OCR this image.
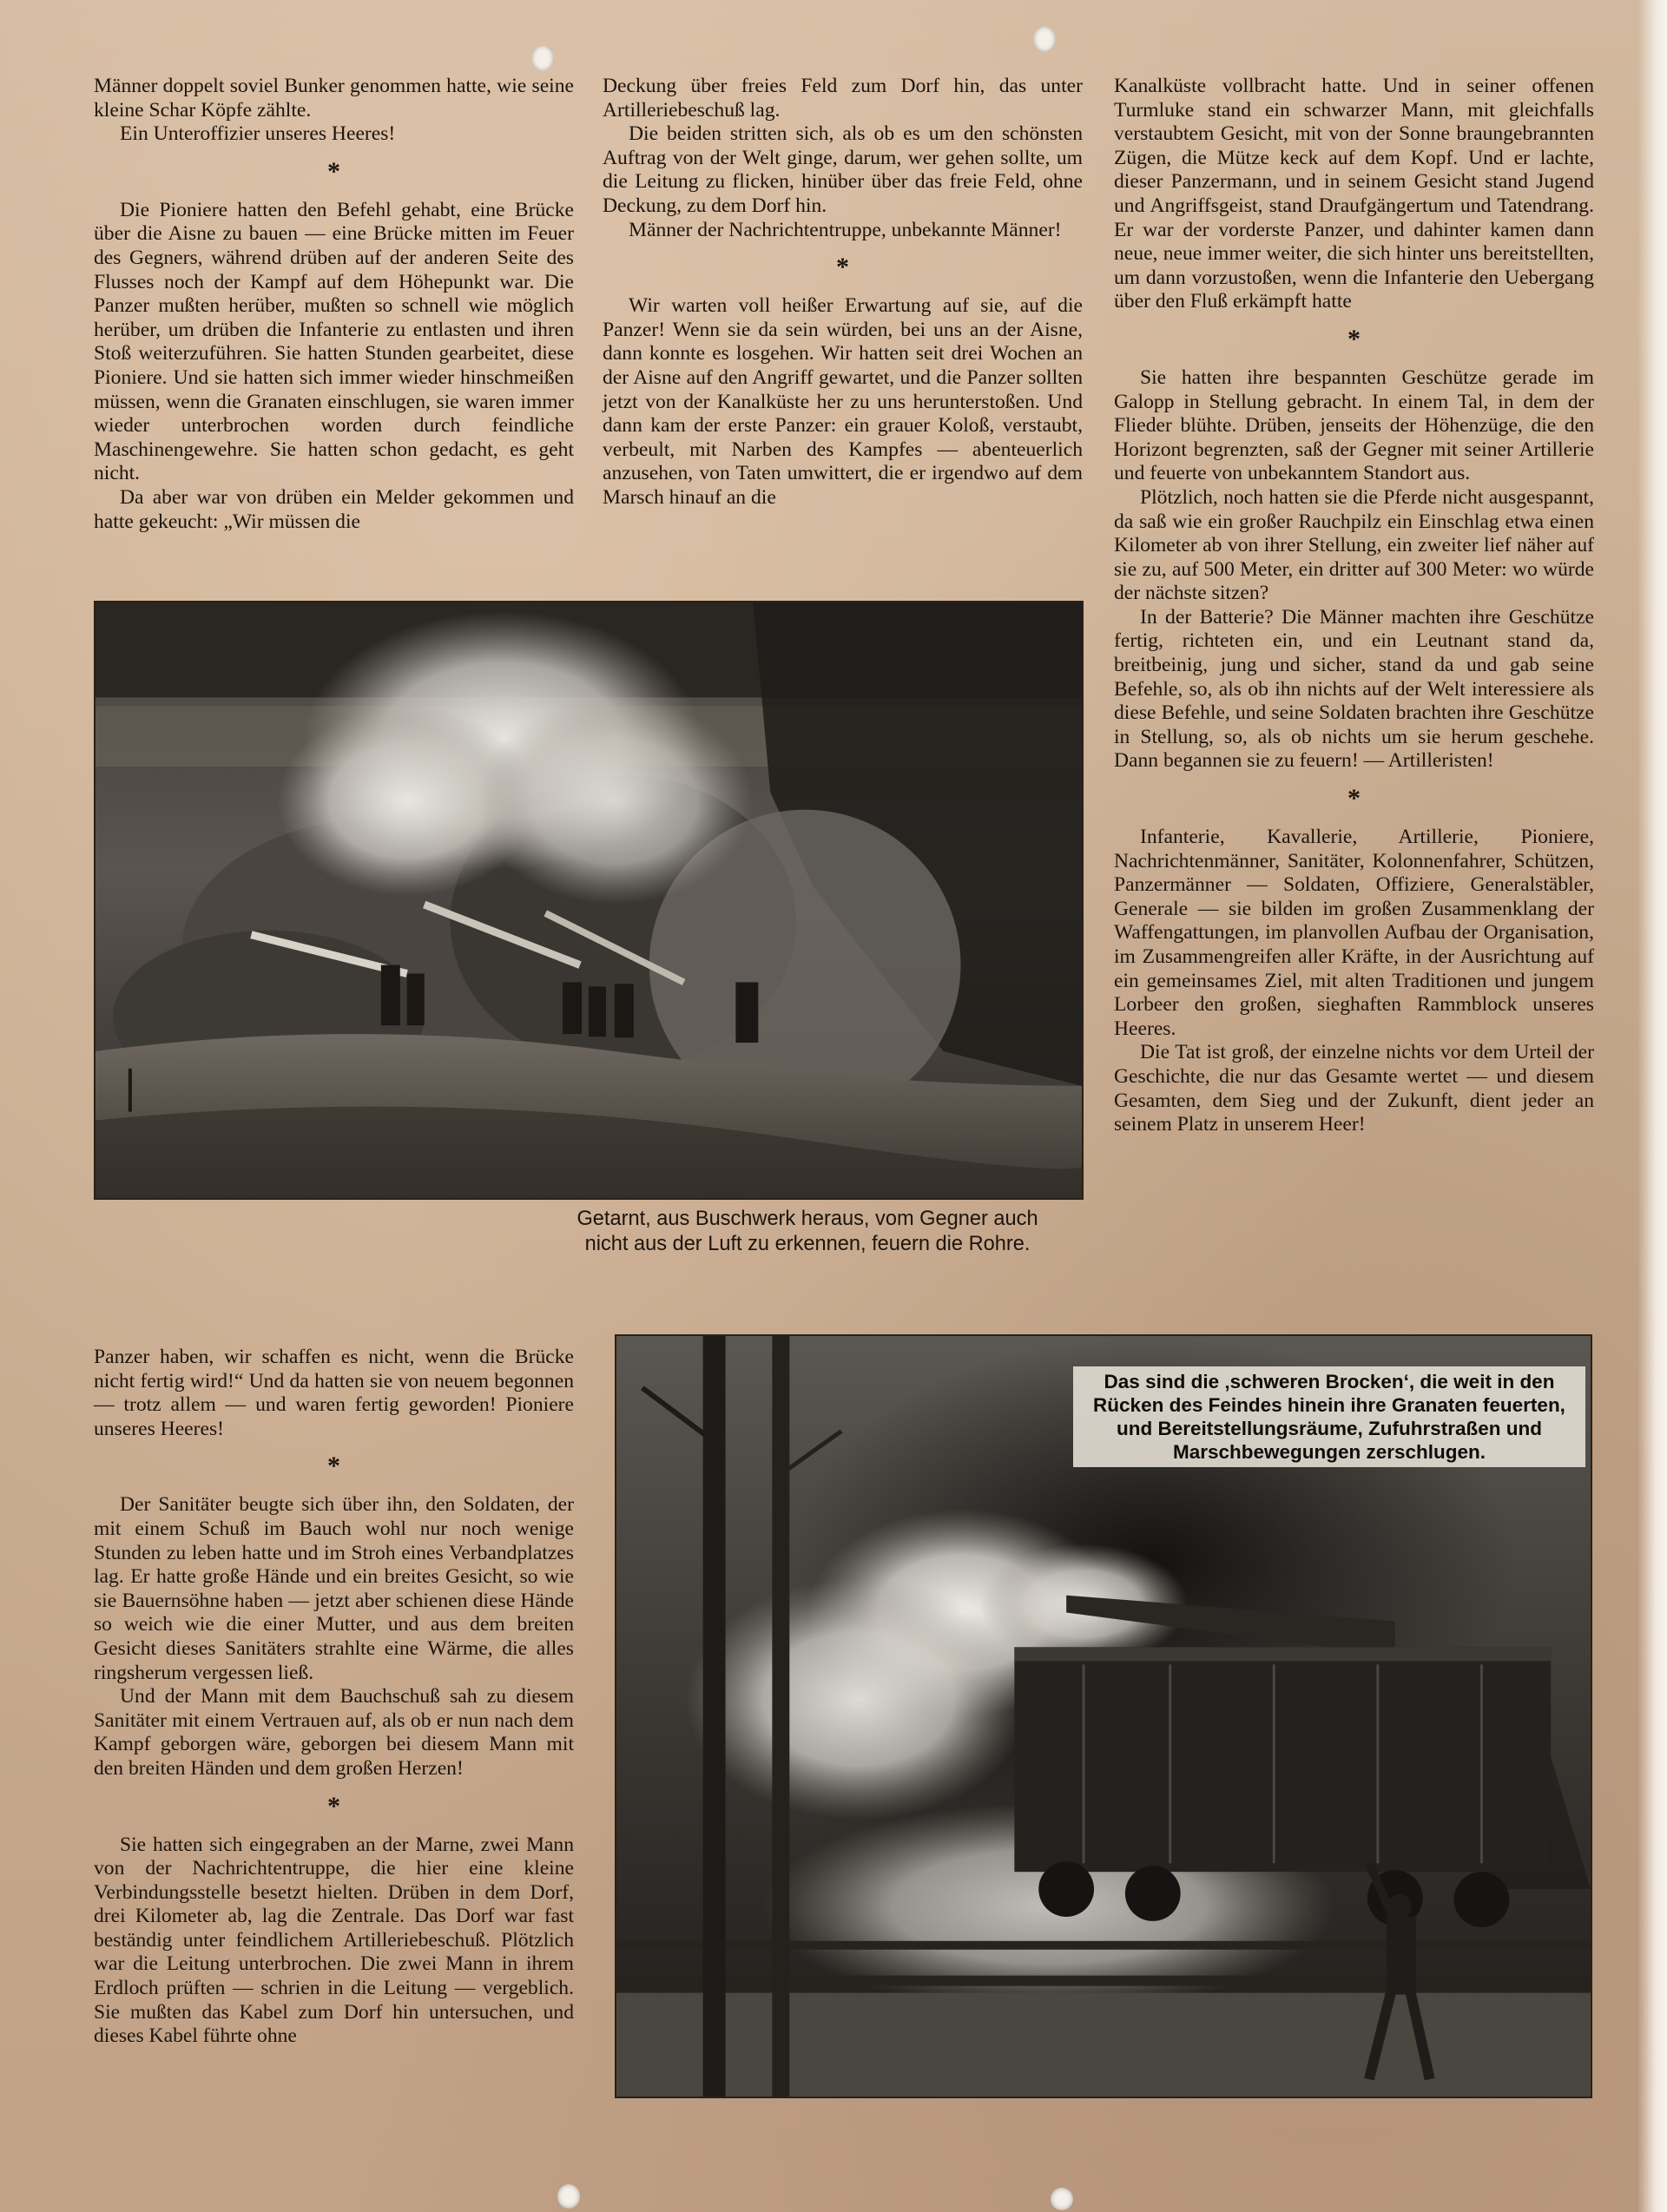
Männer doppelt soviel Bunker genommen hatte, wie seine kleine Schar Köpfe zählte.

Ein Unteroffizier unseres Heeres!

*

Die Pioniere hatten den Befehl gehabt, eine Brücke über die Aisne zu bauen — eine Brücke mitten im Feuer des Gegners, während drüben auf der anderen Seite des Flusses noch der Kampf auf dem Höhepunkt war. Die Panzer mußten herüber, mußten so schnell wie möglich herüber, um drüben die Infanterie zu entlasten und ihren Stoß weiterzuführen. Sie hatten Stunden gearbeitet, diese Pioniere. Und sie hatten sich immer wieder hinschmeißen müssen, wenn die Granaten einschlugen, sie waren immer wieder unterbrochen worden durch feindliche Maschinengewehre. Sie hatten schon gedacht, es geht nicht.

Da aber war von drüben ein Melder gekommen und hatte gekeucht: „Wir müssen die

Deckung über freies Feld zum Dorf hin, das unter Artilleriebeschuß lag.

Die beiden stritten sich, als ob es um den schönsten Auftrag von der Welt ginge, darum, wer gehen sollte, um die Leitung zu flicken, hinüber über das freie Feld, ohne Deckung, zu dem Dorf hin.

Männer der Nachrichtentruppe, unbekannte Männer!

*

Wir warten voll heißer Erwartung auf sie, auf die Panzer! Wenn sie da sein würden, bei uns an der Aisne, dann konnte es losgehen. Wir hatten seit drei Wochen an der Aisne auf den Angriff gewartet, und die Panzer sollten jetzt von der Kanalküste her zu uns herunterstoßen. Und dann kam der erste Panzer: ein grauer Koloß, verstaubt, verbeult, mit Narben des Kampfes — abenteuerlich anzusehen, von Taten umwittert, die er irgendwo auf dem Marsch hinauf an die

Kanalküste vollbracht hatte. Und in seiner offenen Turmluke stand ein schwarzer Mann, mit gleichfalls verstaubtem Gesicht, mit von der Sonne braungebrannten Zügen, die Mütze keck auf dem Kopf. Und er lachte, dieser Panzermann, und in seinem Gesicht stand Jugend und Angriffsgeist, stand Draufgängertum und Tatendrang. Er war der vorderste Panzer, und dahinter kamen dann neue, neue immer weiter, die sich hinter uns bereitstellten, um dann vorzustoßen, wenn die Infanterie den Uebergang über den Fluß erkämpft hatte

*

Sie hatten ihre bespannten Geschütze gerade im Galopp in Stellung gebracht. In einem Tal, in dem der Flieder blühte. Drüben, jenseits der Höhenzüge, die den Horizont begrenzten, saß der Gegner mit seiner Artillerie und feuerte von unbekanntem Standort aus.

Plötzlich, noch hatten sie die Pferde nicht ausgespannt, da saß wie ein großer Rauchpilz ein Einschlag etwa einen Kilometer ab von ihrer Stellung, ein zweiter lief näher auf sie zu, auf 500 Meter, ein dritter auf 300 Meter: wo würde der nächste sitzen?

In der Batterie? Die Männer machten ihre Geschütze fertig, richteten ein, und ein Leutnant stand da, breitbeinig, jung und sicher, stand da und gab seine Befehle, so, als ob ihn nichts auf der Welt interessiere als diese Befehle, und seine Soldaten brachten ihre Geschütze in Stellung, so, als ob nichts um sie herum geschehe. Dann begannen sie zu feuern! — Artilleristen!

*

Infanterie, Kavallerie, Artillerie, Pioniere, Nachrichtenmänner, Sanitäter, Kolonnenfahrer, Schützen, Panzermänner — Soldaten, Offiziere, Generalstäbler, Generale — sie bilden im großen Zusammenklang der Waffengattungen, im planvollen Aufbau der Organisation, im Zusammengreifen aller Kräfte, in der Ausrichtung auf ein gemeinsames Ziel, mit alten Traditionen und jungem Lorbeer den großen, sieghaften Rammblock unseres Heeres.

Die Tat ist groß, der einzelne nichts vor dem Urteil der Geschichte, die nur das Gesamte wertet — und diesem Gesamten, dem Sieg und der Zukunft, dient jeder an seinem Platz in unserem Heer!

Panzer haben, wir schaffen es nicht, wenn die Brücke nicht fertig wird!“ Und da hatten sie von neuem begonnen — trotz allem — und waren fertig geworden! Pioniere unseres Heeres!

*

Der Sanitäter beugte sich über ihn, den Soldaten, der mit einem Schuß im Bauch wohl nur noch wenige Stunden zu leben hatte und im Stroh eines Verbandplatzes lag. Er hatte große Hände und ein breites Gesicht, so wie sie Bauernsöhne haben — jetzt aber schienen diese Hände so weich wie die einer Mutter, und aus dem breiten Gesicht dieses Sanitäters strahlte eine Wärme, die alles ringsherum vergessen ließ.

Und der Mann mit dem Bauchschuß sah zu diesem Sanitäter mit einem Vertrauen auf, als ob er nun nach dem Kampf geborgen wäre, geborgen bei diesem Mann mit den breiten Händen und dem großen Herzen!

*

Sie hatten sich eingegraben an der Marne, zwei Mann von der Nachrichtentruppe, die hier eine kleine Verbindungsstelle besetzt hielten. Drüben in dem Dorf, drei Kilometer ab, lag die Zentrale. Das Dorf war fast beständig unter feindlichem Artilleriebeschuß. Plötzlich war die Leitung unterbrochen. Die zwei Mann in ihrem Erdloch prüften — schrien in die Leitung — vergeblich. Sie mußten das Kabel zum Dorf hin untersuchen, und dieses Kabel führte ohne

Getarnt, aus Buschwerk heraus, vom Gegner auch nicht aus der Luft zu erkennen, feuern die Rohre.
Das sind die ‚schweren Brocken‘, die weit in den Rücken des Feindes hinein ihre Granaten feuerten, und Bereitstellungsräume, Zufuhrstraßen und Marschbewegungen zerschlugen.
